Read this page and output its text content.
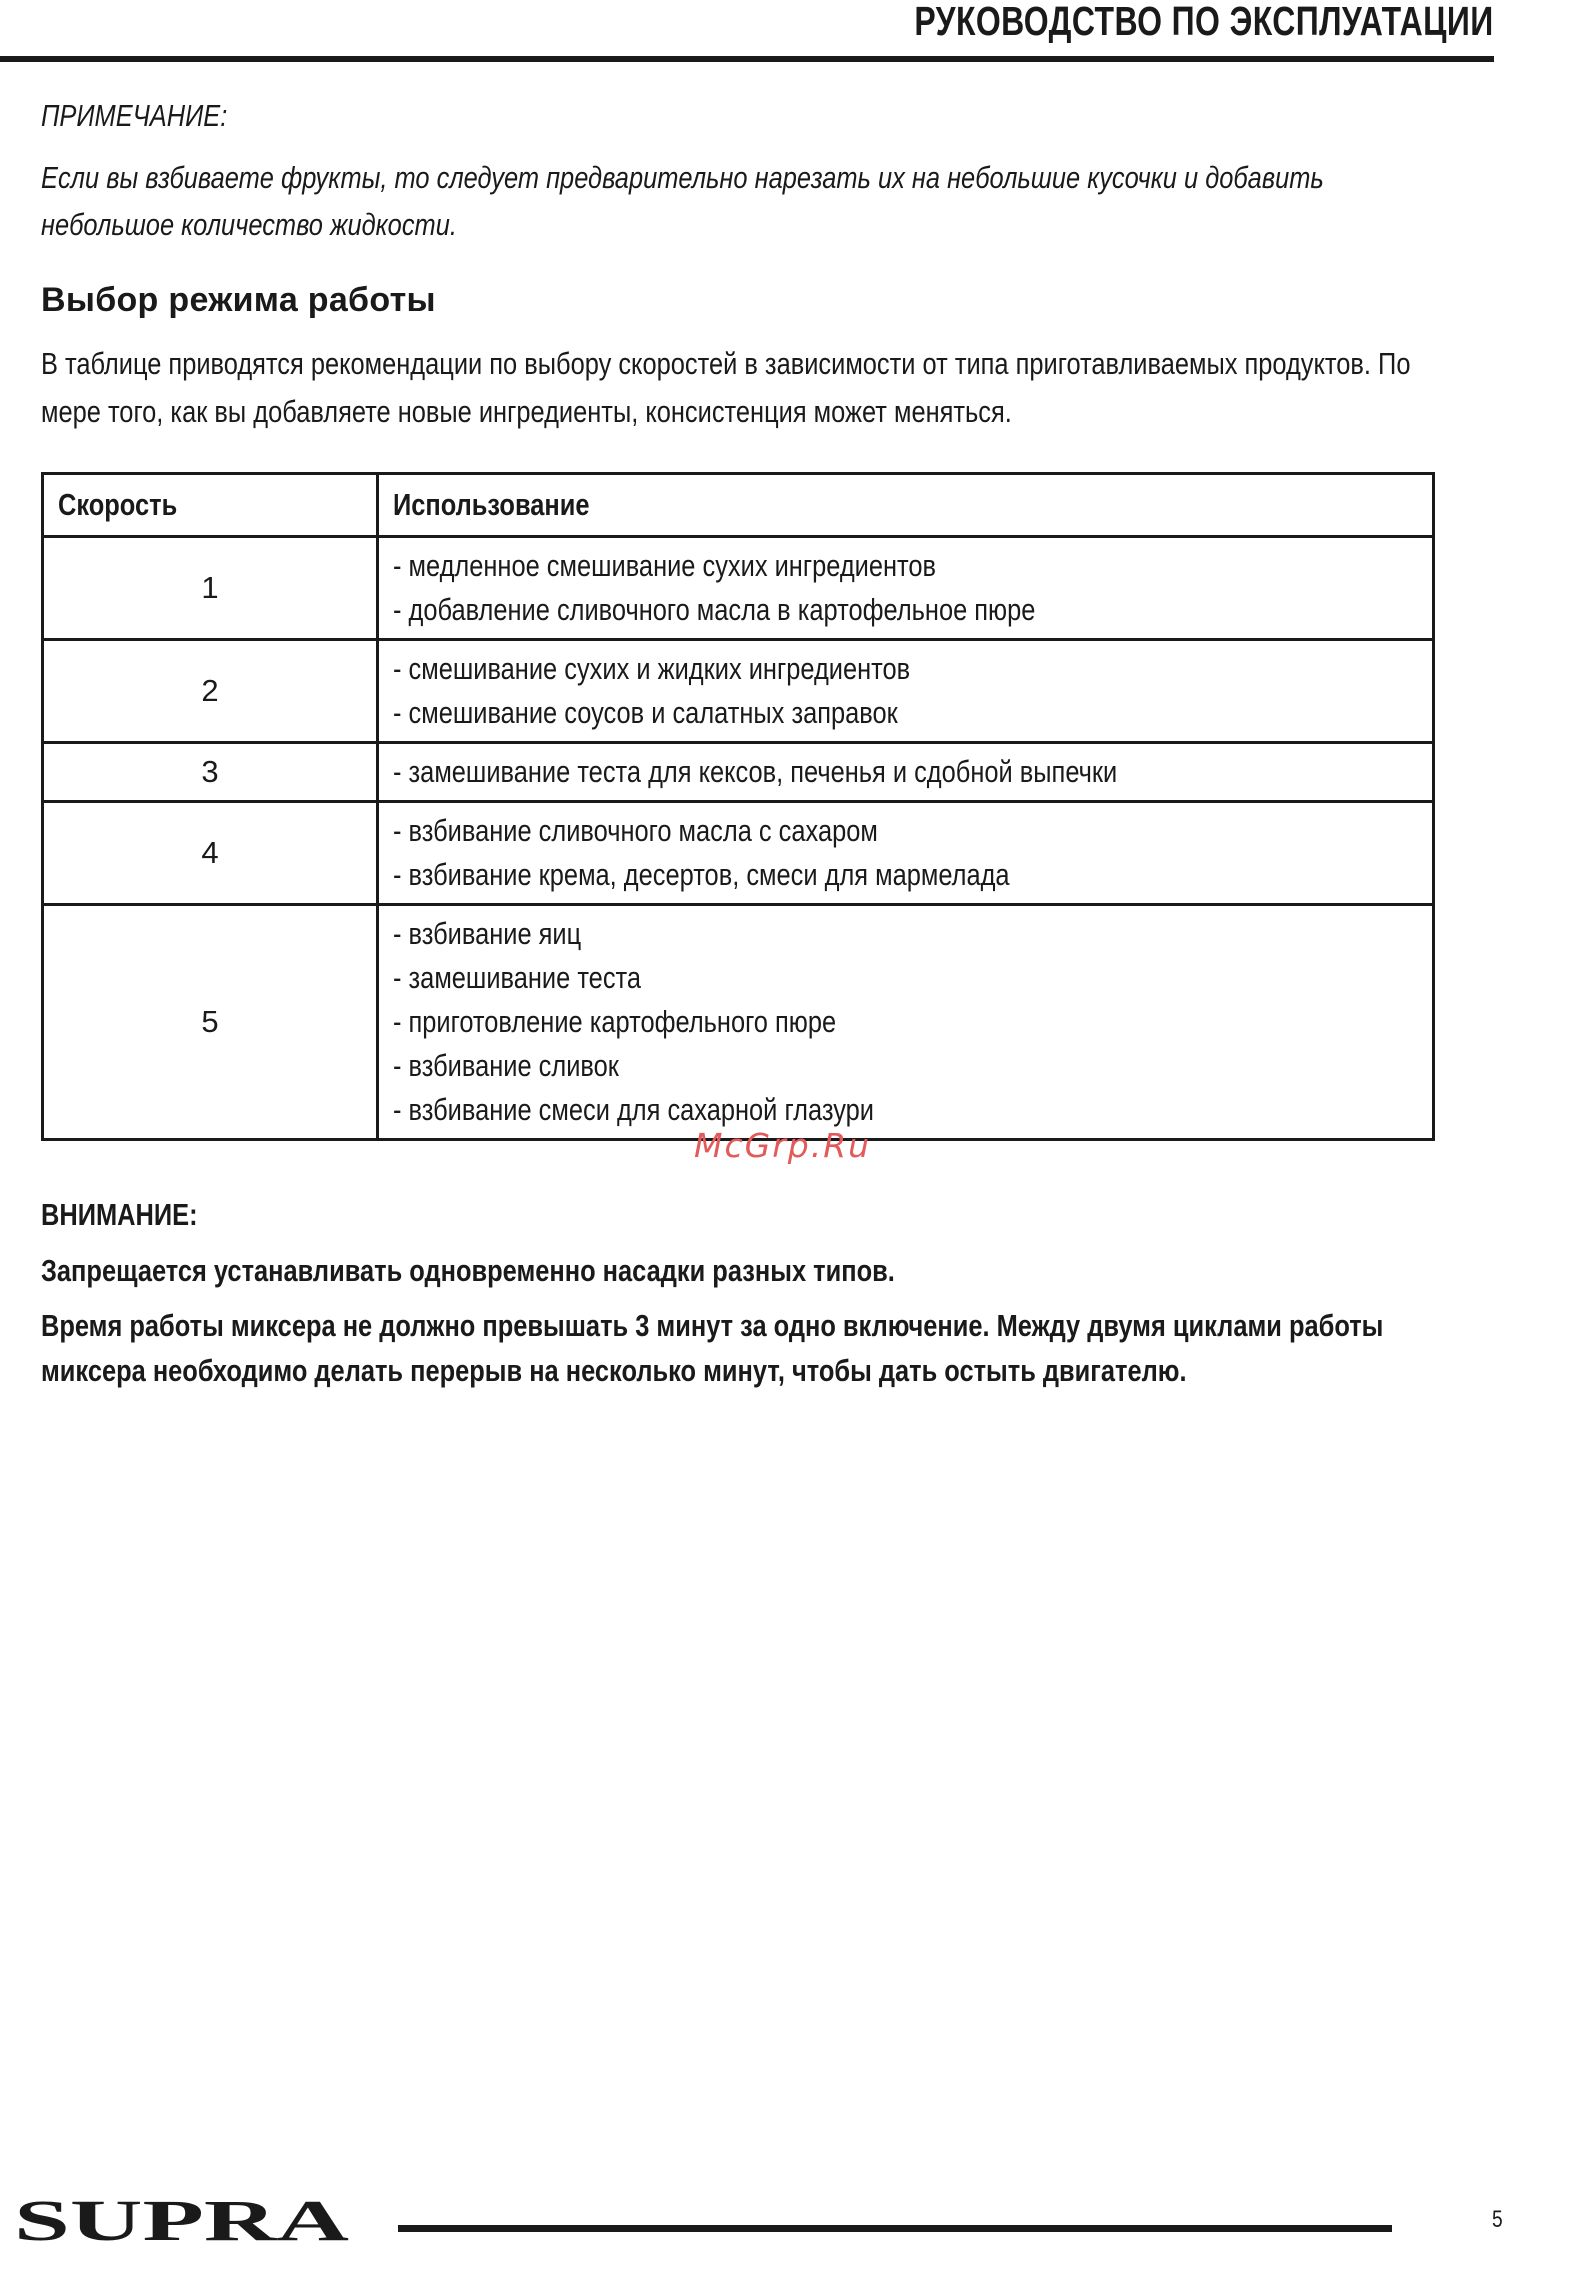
РУКОВОДСТВО ПО ЭКСПЛУАТАЦИИ
ПРИМЕЧАНИЕ:
Если вы взбиваете фрукты, то следует предварительно нарезать их на небольшие кусочки и добавить небольшое количество жидкости.
Выбор режима работы
В таблице приводятся рекомендации по выбору скоростей в зависимости от типа приготавливаемых продуктов. По мере того, как вы добавляете новые ингредиенты, консистенция может меняться.
Скорость	Использование

1	- медленное смешивание сухих ингредиентов
- добавление сливочного масла в картофельное пюре

2	- смешивание сухих и жидких ингредиентов
- смешивание соусов и салатных заправок

3	- замешивание теста для кексов, печенья и сдобной выпечки

4	- взбивание сливочного масла с сахаром
- взбивание крема, десертов, смеси для мармелада

5	- взбивание яиц
- замешивание теста
- приготовление картофельного пюре
- взбивание сливок
- взбивание смеси для сахарной глазури
ВНИМАНИЕ:
Запрещается устанавливать одновременно насадки разных типов.
Время работы миксера не должно превышать 3 минут за одно включение. Между двумя циклами работы миксера необходимо делать перерыв на несколько минут, чтобы дать остыть двигателю.
McGrp.Ru
SUPRA	5
